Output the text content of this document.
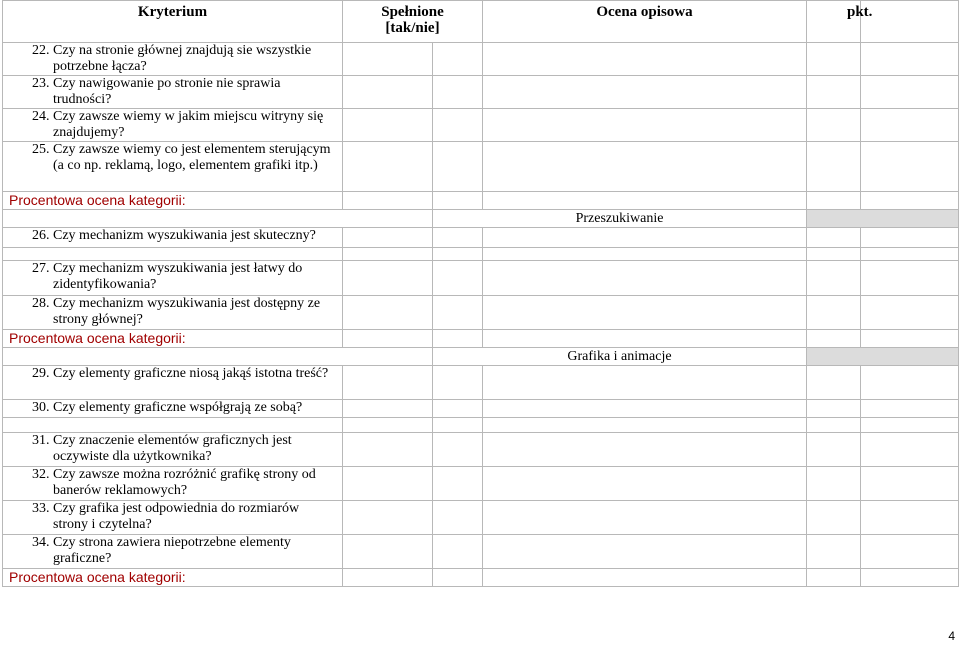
Kryterium	Spełnione
[tak/nie]		Ocena opisowa	pkt.	

22. Czy na stronie głównej znajdują sie wszystkie potrzebne łącza?					

23. Czy nawigowanie po stronie nie sprawia trudności?					

24. Czy zawsze wiemy w jakim miejscu witryny się znajdujemy?					

25. Czy zawsze wiemy co jest elementem sterującym (a co np. reklamą, logo, elementem grafiki itp.)					

Procentowa ocena kategorii:					
		Przeszukiwanie			

26. Czy mechanizm wyszukiwania jest skuteczny?					

27. Czy mechanizm wyszukiwania jest łatwy do zidentyfikowania?					

28. Czy mechanizm wyszukiwania jest dostępny ze strony głównej?					

Procentowa ocena kategorii:					
		Grafika i animacje			

29. Czy elementy graficzne niosą jakąś istotna treść?					

30. Czy elementy graficzne współgrają ze sobą?					

31. Czy znaczenie elementów graficznych jest oczywiste dla użytkownika?					

32. Czy zawsze można rozróżnić grafikę strony od banerów reklamowych?					

33. Czy grafika jest odpowiednia do rozmiarów strony i czytelna?					

34. Czy strona zawiera niepotrzebne elementy graficzne?					

Procentowa ocena kategorii:					
4
